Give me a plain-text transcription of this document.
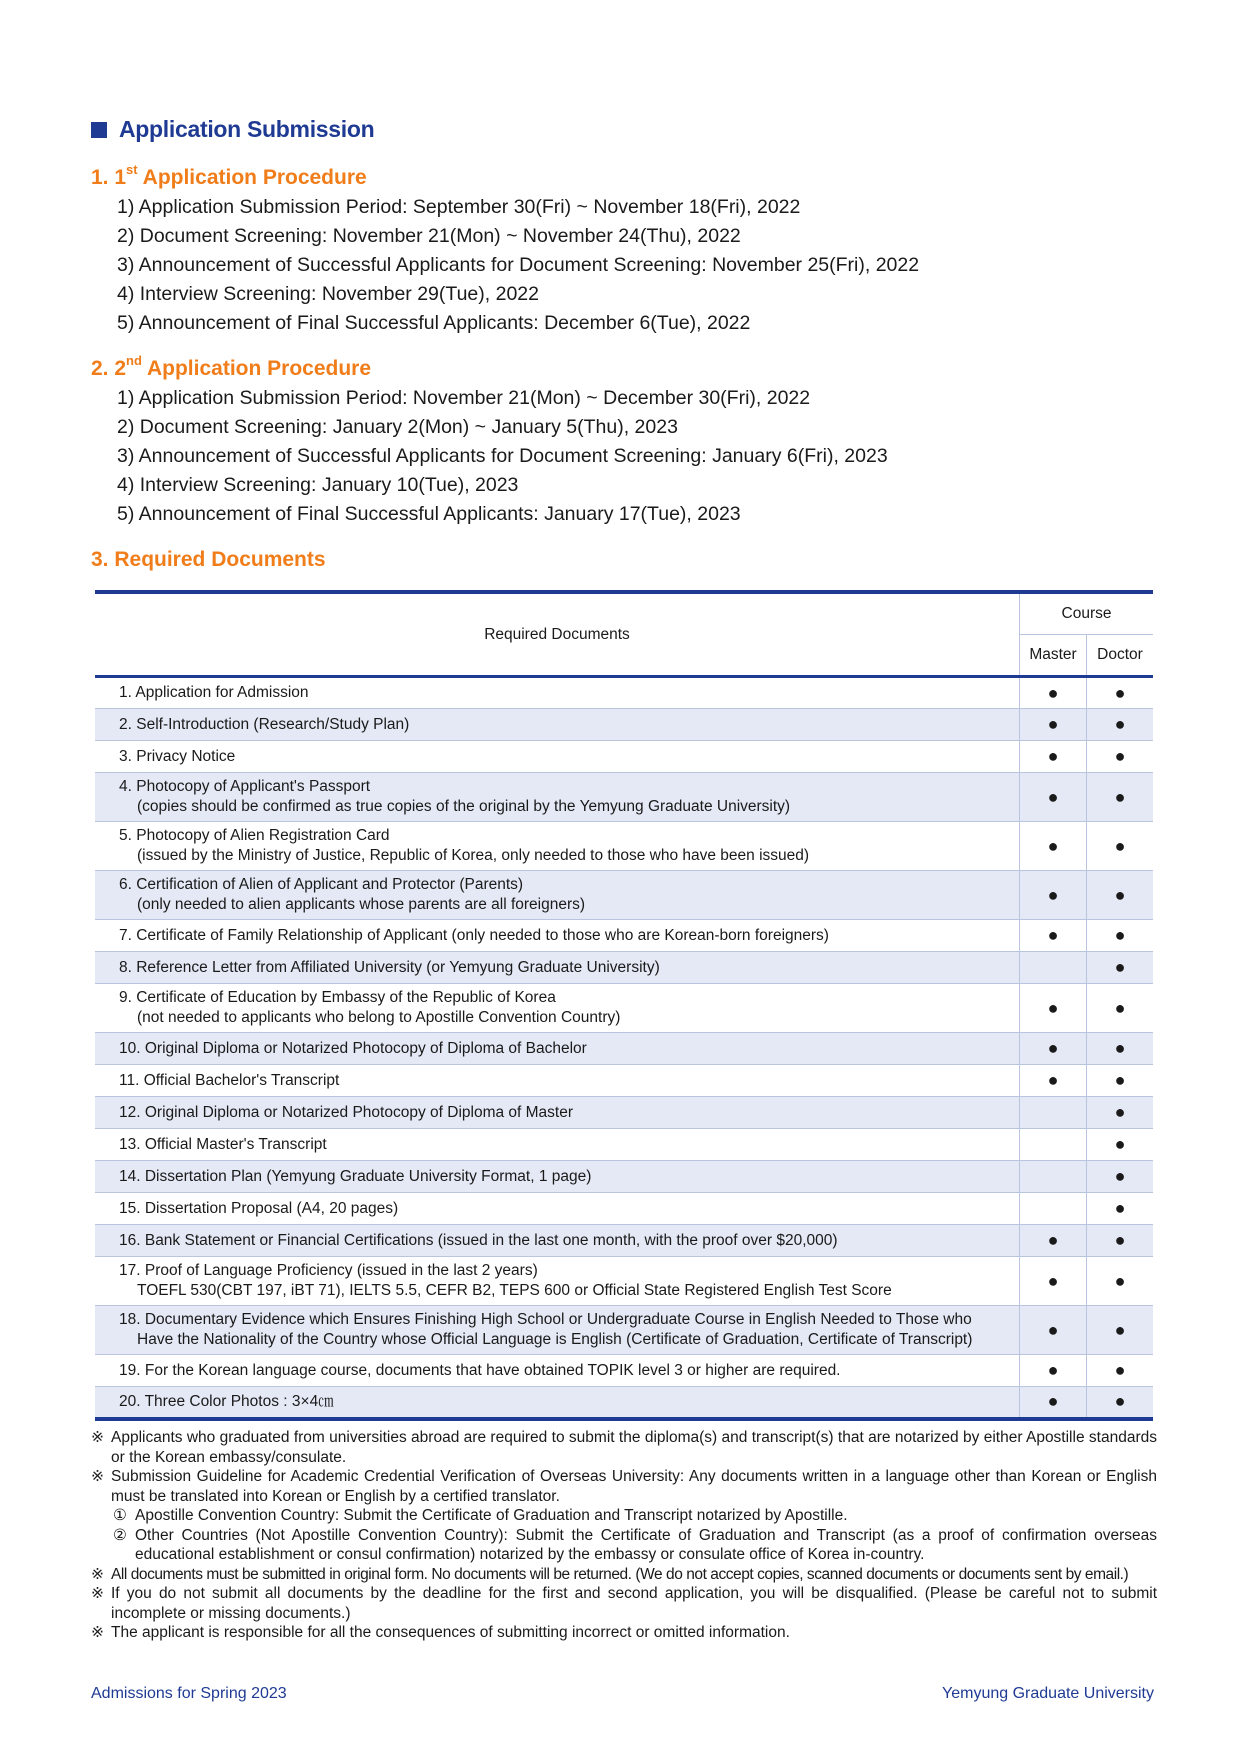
Application Submission
1. 1st Application Procedure
1) Application Submission Period: September 30(Fri) ~ November 18(Fri), 2022
2) Document Screening: November 21(Mon) ~ November 24(Thu), 2022
3) Announcement of Successful Applicants for Document Screening: November 25(Fri), 2022
4) Interview Screening: November 29(Tue), 2022
5) Announcement of Final Successful Applicants: December 6(Tue), 2022
2. 2nd Application Procedure
1) Application Submission Period: November 21(Mon) ~ December 30(Fri), 2022
2) Document Screening: January 2(Mon) ~ January 5(Thu), 2023
3) Announcement of Successful Applicants for Document Screening: January 6(Fri), 2023
4) Interview Screening: January 10(Tue), 2023
5) Announcement of Final Successful Applicants: January 17(Tue), 2023
3. Required Documents
Required Documents	Course	
	Master	Doctor

1. Application for Admission	●	●

2. Self-Introduction (Research/Study Plan)	●	●

3. Privacy Notice	●	●

4. Photocopy of Applicant's Passport
(copies should be confirmed as true copies of the original by the Yemyung Graduate University)	●	●

5. Photocopy of Alien Registration Card
(issued by the Ministry of Justice, Republic of Korea, only needed to those who have been issued)	●	●

6. Certification of Alien of Applicant and Protector (Parents)
(only needed to alien applicants whose parents are all foreigners)	●	●

7. Certificate of Family Relationship of Applicant (only needed to those who are Korean-born foreigners)	●	●

8. Reference Letter from Affiliated University (or Yemyung Graduate University)		●

9. Certificate of Education by Embassy of the Republic of Korea
(not needed to applicants who belong to Apostille Convention Country)	●	●

10. Original Diploma or Notarized Photocopy of Diploma of Bachelor	●	●

11. Official Bachelor's Transcript	●	●

12. Original Diploma or Notarized Photocopy of Diploma of Master		●

13. Official Master's Transcript		●

14. Dissertation Plan (Yemyung Graduate University Format, 1 page)		●

15. Dissertation Proposal (A4, 20 pages)		●

16. Bank Statement or Financial Certifications (issued in the last one month, with the proof over $20,000)	●	●

17. Proof of Language Proficiency (issued in the last 2 years)
TOEFL 530(CBT 197, iBT 71), IELTS 5.5, CEFR B2, TEPS 600 or Official State Registered English Test Score	●	●

18. Documentary Evidence which Ensures Finishing High School or Undergraduate Course in English Needed to Those who
Have the Nationality of the Country whose Official Language is English (Certificate of Graduation, Certificate of Transcript)	●	●

19. For the Korean language course, documents that have obtained TOPIK level 3 or higher are required.	●	●

20. Three Color Photos : 3×4㎝	●	●
※ Applicants who graduated from universities abroad are required to submit the diploma(s) and transcript(s) that are notarized by either Apostille standards or the Korean embassy/consulate.
※ Submission Guideline for Academic Credential Verification of Overseas University: Any documents written in a language other than Korean or English must be translated into Korean or English by a certified translator.
① Apostille Convention Country: Submit the Certificate of Graduation and Transcript notarized by Apostille.
② Other Countries (Not Apostille Convention Country): Submit the Certificate of Graduation and Transcript (as a proof of confirmation overseas educational establishment or consul confirmation) notarized by the embassy or consulate office of Korea in-country.
※ All documents must be submitted in original form. No documents will be returned. (We do not accept copies, scanned documents or documents sent by email.)
※ If you do not submit all documents by the deadline for the first and second application, you will be disqualified. (Please be careful not to submit incomplete or missing documents.)
※ The applicant is responsible for all the consequences of submitting incorrect or omitted information.
Admissions for Spring 2023	Yemyung Graduate University
